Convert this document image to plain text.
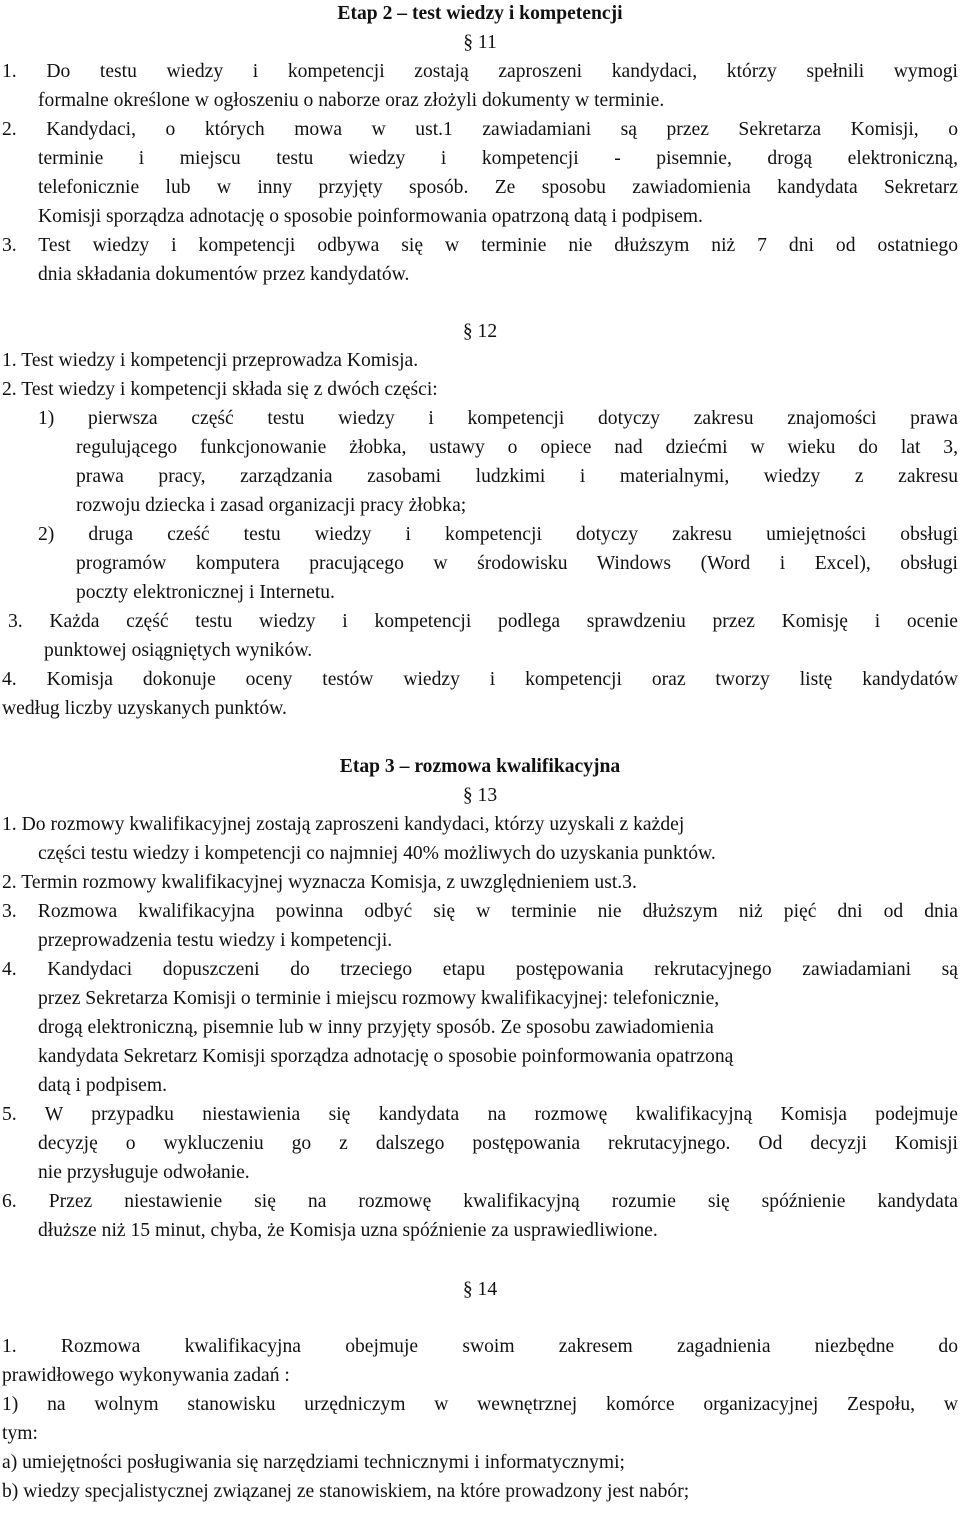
Etap 2 – test wiedzy i kompetencji
§ 11
1. Do testu wiedzy i kompetencji zostają zaproszeni kandydaci, którzy spełnili wymogi
formalne określone w ogłoszeniu o naborze oraz złożyli dokumenty w terminie.
2. Kandydaci, o których mowa w ust.1 zawiadamiani są przez Sekretarza Komisji, o
terminie i miejscu testu wiedzy i kompetencji - pisemnie, drogą elektroniczną,
telefonicznie lub w inny przyjęty sposób. Ze sposobu zawiadomienia kandydata Sekretarz
Komisji sporządza adnotację o sposobie poinformowania opatrzoną datą i podpisem.
3. Test wiedzy i kompetencji odbywa się w terminie nie dłuższym niż 7 dni od ostatniego
dnia składania dokumentów przez kandydatów.
§ 12
1. Test wiedzy i kompetencji przeprowadza Komisja.
2. Test wiedzy i kompetencji składa się z dwóch części:
1) pierwsza część testu wiedzy i kompetencji dotyczy zakresu znajomości prawa
regulującego funkcjonowanie żłobka, ustawy o opiece nad dziećmi w wieku do lat 3,
prawa pracy, zarządzania zasobami ludzkimi i materialnymi, wiedzy z zakresu
rozwoju dziecka i zasad organizacji pracy żłobka;
2) druga cześć testu wiedzy i kompetencji dotyczy zakresu umiejętności obsługi
programów komputera pracującego w środowisku Windows (Word i Excel), obsługi
poczty elektronicznej i Internetu.
3. Każda część testu wiedzy i kompetencji podlega sprawdzeniu przez Komisję i ocenie
punktowej osiągniętych wyników.
4. Komisja dokonuje oceny testów wiedzy i kompetencji oraz tworzy listę kandydatów
według liczby uzyskanych punktów.
Etap 3 – rozmowa kwalifikacyjna
§ 13
1. Do rozmowy kwalifikacyjnej zostają zaproszeni kandydaci, którzy uzyskali z każdej
części testu wiedzy i kompetencji co najmniej 40% możliwych do uzyskania punktów.
2. Termin rozmowy kwalifikacyjnej wyznacza Komisja, z uwzględnieniem ust.3.
3. Rozmowa kwalifikacyjna powinna odbyć się w terminie nie dłuższym niż pięć dni od dnia
przeprowadzenia testu wiedzy i kompetencji.
4. Kandydaci dopuszczeni do trzeciego etapu postępowania rekrutacyjnego zawiadamiani są
przez Sekretarza Komisji o terminie i miejscu rozmowy kwalifikacyjnej: telefonicznie,
drogą elektroniczną, pisemnie lub w inny przyjęty sposób. Ze sposobu zawiadomienia
kandydata Sekretarz Komisji sporządza adnotację o sposobie poinformowania opatrzoną
datą i podpisem.
5. W przypadku niestawienia się kandydata na rozmowę kwalifikacyjną Komisja podejmuje
decyzję o wykluczeniu go z dalszego postępowania rekrutacyjnego. Od decyzji Komisji
nie przysługuje odwołanie.
6. Przez niestawienie się na rozmowę kwalifikacyjną rozumie się spóźnienie kandydata
dłuższe niż 15 minut, chyba, że Komisja uzna spóźnienie za usprawiedliwione.
§ 14
1. Rozmowa kwalifikacyjna obejmuje swoim zakresem zagadnienia niezbędne do
prawidłowego wykonywania zadań :
1) na wolnym stanowisku urzędniczym w wewnętrznej komórce organizacyjnej Zespołu, w
tym:
a) umiejętności posługiwania się narzędziami technicznymi i informatycznymi;
b) wiedzy specjalistycznej związanej ze stanowiskiem, na które prowadzony jest nabór;
